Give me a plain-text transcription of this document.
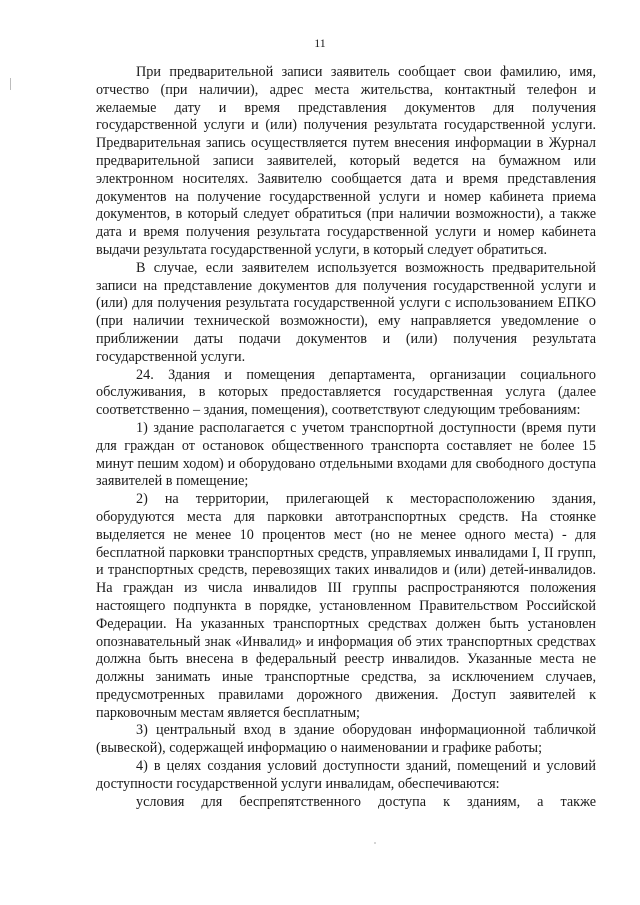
11

При предварительной записи заявитель сообщает свои фамилию, имя, отчество (при наличии), адрес места жительства, контактный телефон и желаемые дату и время представления документов для получения государственной услуги и (или) получения результата государственной услуги. Предварительная запись осуществляется путем внесения информации в Журнал предварительной записи заявителей, который ведется на бумажном или электронном носителях. Заявителю сообщается дата и время представления документов на получение государственной услуги и номер кабинета приема документов, в который следует обратиться (при наличии возможности), а также дата и время получения результата государственной услуги и номер кабинета выдачи результата государственной услуги, в который следует обратиться.

В случае, если заявителем используется возможность предварительной записи на представление документов для получения государственной услуги и (или) для получения результата государственной услуги с использованием ЕПКО (при наличии технической возможности), ему направляется уведомление о приближении даты подачи документов и (или) получения результата государственной услуги.

24. Здания и помещения департамента, организации социального обслуживания, в которых предоставляется государственная услуга (далее соответственно – здания, помещения), соответствуют следующим требованиям:

1) здание располагается с учетом транспортной доступности (время пути для граждан от остановок общественного транспорта составляет не более 15 минут пешим ходом) и оборудовано отдельными входами для свободного доступа заявителей в помещение;

2) на территории, прилегающей к месторасположению здания, оборудуются места для парковки автотранспортных средств. На стоянке выделяется не менее 10 процентов мест (но не менее одного места) - для бесплатной парковки транспортных средств, управляемых инвалидами I, II групп, и транспортных средств, перевозящих таких инвалидов и (или) детей-инвалидов. На граждан из числа инвалидов III группы распространяются положения настоящего подпункта в порядке, установленном Правительством Российской Федерации. На указанных транспортных средствах должен быть установлен опознавательный знак «Инвалид» и информация об этих транспортных средствах должна быть внесена в федеральный реестр инвалидов. Указанные места не должны занимать иные транспортные средства, за исключением случаев, предусмотренных правилами дорожного движения. Доступ заявителей к парковочным местам является бесплатным;

3) центральный вход в здание оборудован информационной табличкой (вывеской), содержащей информацию о наименовании и графике работы;

4) в целях создания условий доступности зданий, помещений и условий доступности государственной услуги инвалидам, обеспечиваются:

условия для беспрепятственного доступа к зданиям, а также
